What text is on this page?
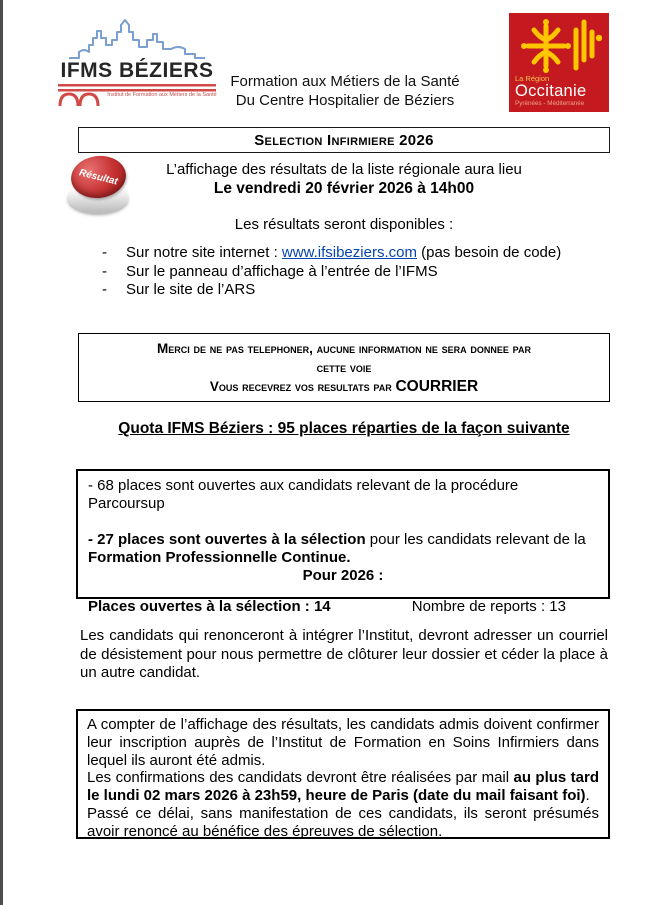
IFMS BÉZIERS
Institut de Formation aux Métiers de la Santé
Formation aux Métiers de la Santé
Du Centre Hospitalier de Béziers
La Région
Occitanie
Pyrénées - Méditerranée
Selection Infirmiere 2026
Résultat	L’affichage des résultats de la liste régionale aura lieu
Le vendredi 20 février 2026 à 14h00
Les résultats seront disponibles :
-	Sur notre site internet : www.ifsibeziers.com (pas besoin de code)
-	Sur le panneau d’affichage à l’entrée de l’IFMS
-	Sur le site de l’ARS
Merci de ne pas telephoner, aucune information ne sera donnee par
cette voie
Vous recevrez vos resultats par COURRIER
Quota IFMS Béziers : 95 places réparties de la façon suivante

- 68 places sont ouvertes aux candidats relevant de la procédure Parcoursup

- 27 places sont ouvertes à la sélection pour les candidats relevant de la Formation Professionnelle Continue.

Pour 2026 :

Places ouvertes à la sélection : 14	Nombre de reports : 13
Les candidats qui renonceront à intégrer l’Institut, devront adresser un courriel de désistement pour nous permettre de clôturer leur dossier et céder la place à un autre candidat.

A compter de l’affichage des résultats, les candidats admis doivent confirmer leur inscription auprès de l’Institut de Formation en Soins Infirmiers dans lequel ils auront été admis.

Les confirmations des candidats devront être réalisées par mail au plus tard le lundi 02 mars 2026 à 23h59, heure de Paris (date du mail faisant foi).

Passé ce délai, sans manifestation de ces candidats, ils seront présumés avoir renoncé au bénéfice des épreuves de sélection.
